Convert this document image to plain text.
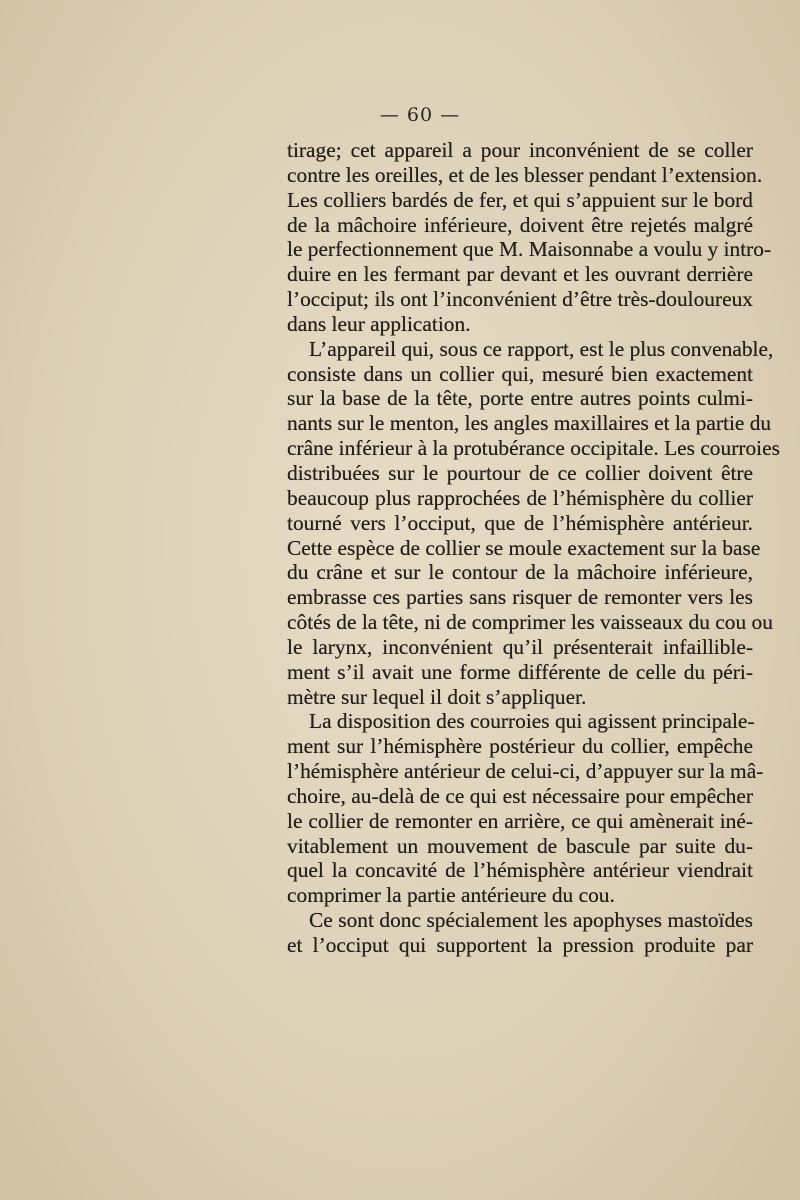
— 60 —
tirage; cet appareil a pour inconvénient de se coller
contre les oreilles, et de les blesser pendant l’extension.
Les colliers bardés de fer, et qui s’appuient sur le bord
de la mâchoire inférieure, doivent être rejetés malgré
le perfectionnement que M. Maisonnabe a voulu y intro-
duire en les fermant par devant et les ouvrant derrière
l’occiput; ils ont l’inconvénient d’être très-douloureux
dans leur application.
L’appareil qui, sous ce rapport, est le plus convenable,
consiste dans un collier qui, mesuré bien exactement
sur la base de la tête, porte entre autres points culmi-
nants sur le menton, les angles maxillaires et la partie du
crâne inférieur à la protubérance occipitale. Les courroies
distribuées sur le pourtour de ce collier doivent être
beaucoup plus rapprochées de l’hémisphère du collier
tourné vers l’occiput, que de l’hémisphère antérieur.
Cette espèce de collier se moule exactement sur la base
du crâne et sur le contour de la mâchoire inférieure,
embrasse ces parties sans risquer de remonter vers les
côtés de la tête, ni de comprimer les vaisseaux du cou ou
le larynx, inconvénient qu’il présenterait infaillible-
ment s’il avait une forme différente de celle du péri-
mètre sur lequel il doit s’appliquer.
La disposition des courroies qui agissent principale-
ment sur l’hémisphère postérieur du collier, empêche
l’hémisphère antérieur de celui-ci, d’appuyer sur la mâ-
choire, au-delà de ce qui est nécessaire pour empêcher
le collier de remonter en arrière, ce qui amènerait iné-
vitablement un mouvement de bascule par suite du-
quel la concavité de l’hémisphère antérieur viendrait
comprimer la partie antérieure du cou.
Ce sont donc spécialement les apophyses mastoïdes
et l’occiput qui supportent la pression produite par
